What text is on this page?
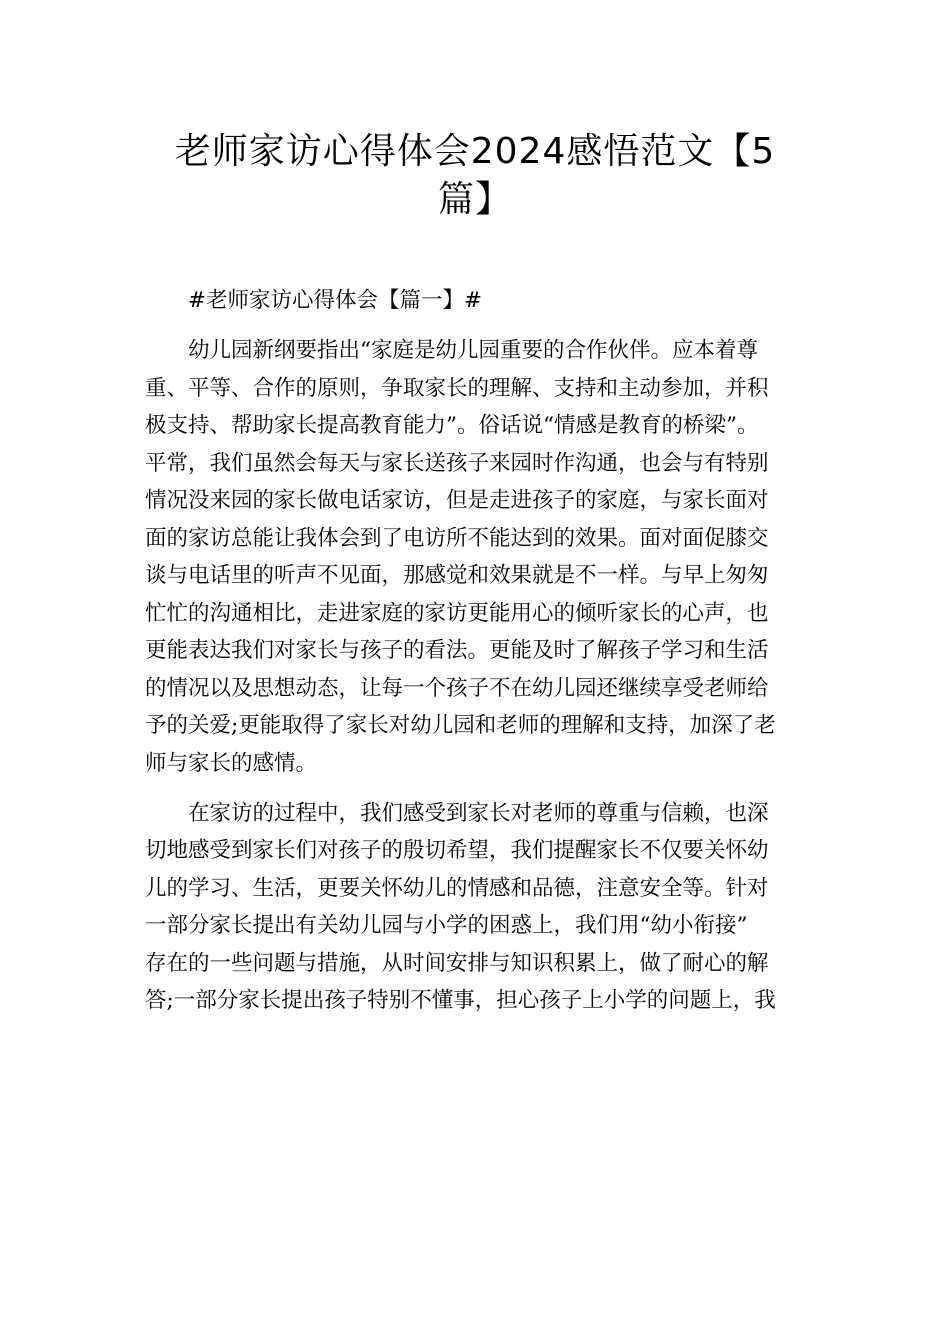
老师家访心得体会2024感悟范文【5
篇】
#老师家访心得体会【篇一】#
幼儿园新纲要指出“家庭是幼儿园重要的合作伙伴。应本着尊
重、平等、合作的原则，争取家长的理解、支持和主动参加，并积
极支持、帮助家长提高教育能力”。俗话说“情感是教育的桥梁”。
平常，我们虽然会每天与家长送孩子来园时作沟通，也会与有特别
情况没来园的家长做电话家访，但是走进孩子的家庭，与家长面对
面的家访总能让我体会到了电访所不能达到的效果。面对面促膝交
谈与电话里的听声不见面，那感觉和效果就是不一样。与早上匆匆
忙忙的沟通相比，走进家庭的家访更能用心的倾听家长的心声，也
更能表达我们对家长与孩子的看法。更能及时了解孩子学习和生活
的情况以及思想动态，让每一个孩子不在幼儿园还继续享受老师给
予的关爱;更能取得了家长对幼儿园和老师的理解和支持，加深了老
师与家长的感情。
在家访的过程中，我们感受到家长对老师的尊重与信赖，也深
切地感受到家长们对孩子的殷切希望，我们提醒家长不仅要关怀幼
儿的学习、生活，更要关怀幼儿的情感和品德，注意安全等。针对
一部分家长提出有关幼儿园与小学的困惑上，我们用“幼小衔接”
存在的一些问题与措施，从时间安排与知识积累上，做了耐心的解
答;一部分家长提出孩子特别不懂事，担心孩子上小学的问题上，我
